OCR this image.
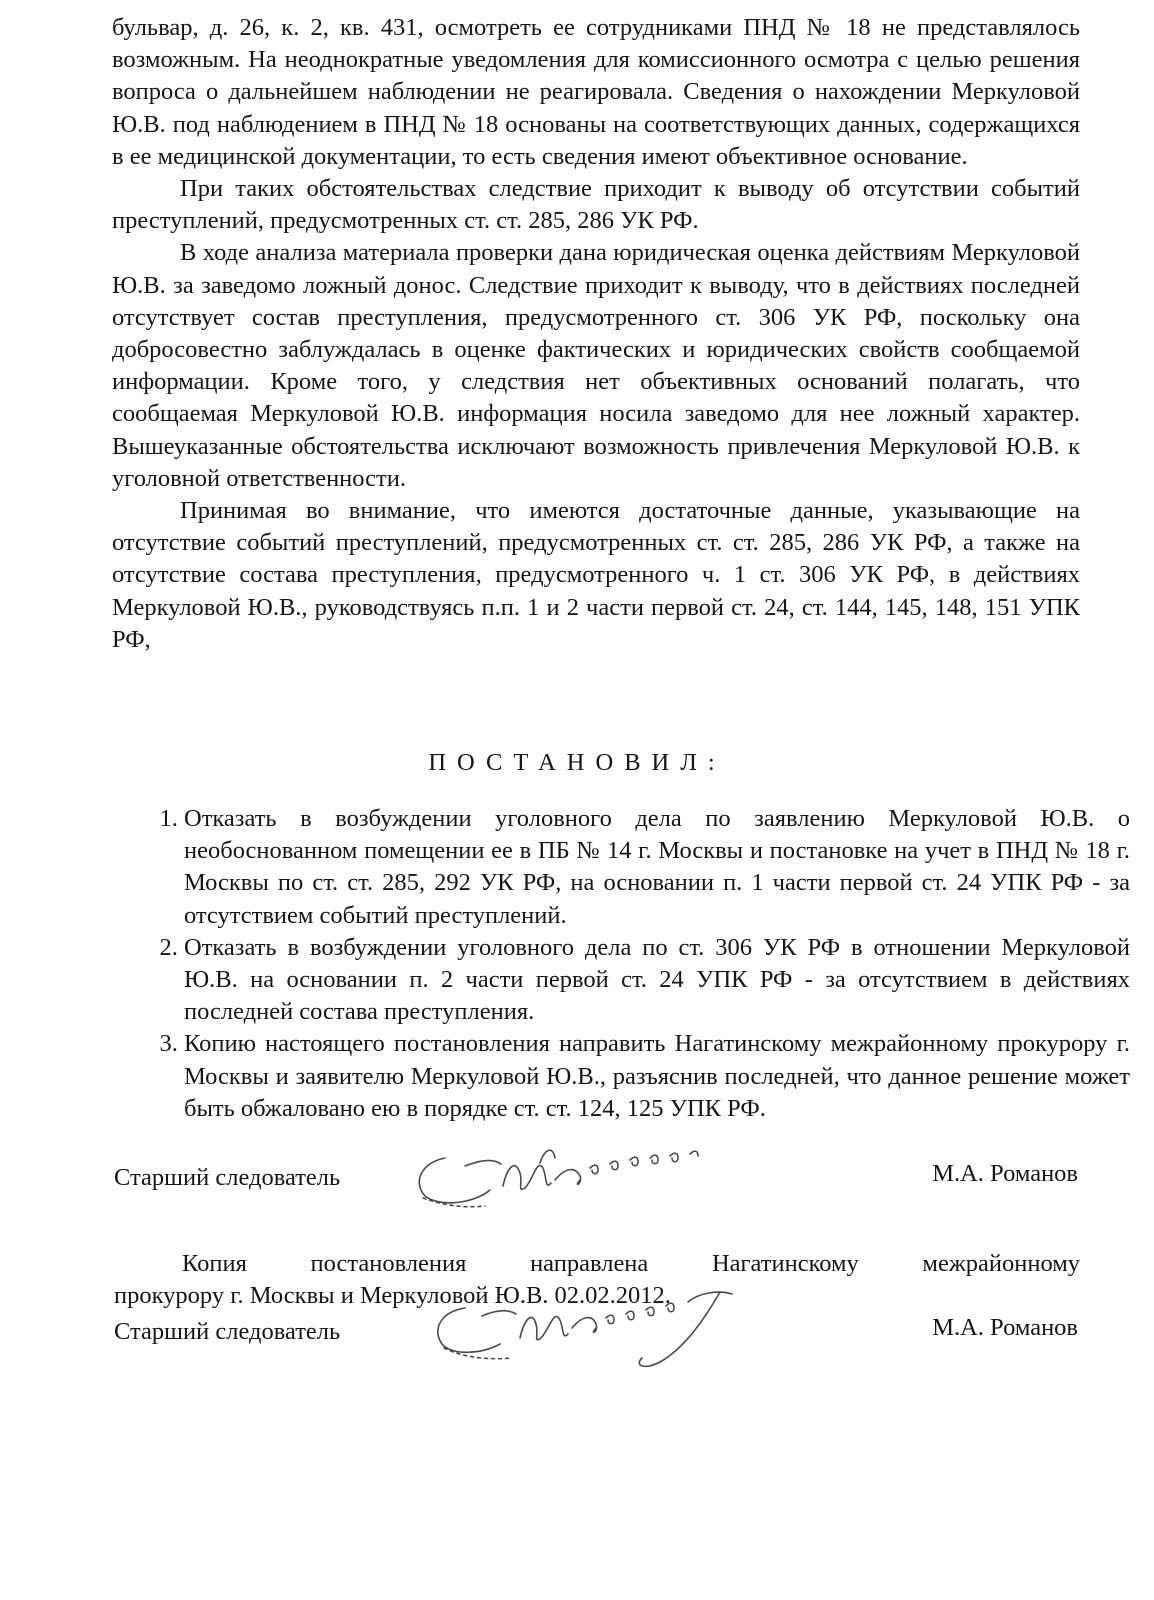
бульвар, д. 26, к. 2, кв. 431, осмотреть ее сотрудниками ПНД № 18 не представлялось возможным. На неоднократные уведомления для комиссионного осмотра с целью решения вопроса о дальнейшем наблюдении не реагировала. Сведения о нахождении Меркуловой Ю.В. под наблюдением в ПНД № 18 основаны на соответствующих данных, содержащихся в ее медицинской документации, то есть сведения имеют объективное основание.

При таких обстоятельствах следствие приходит к выводу об отсутствии событий преступлений, предусмотренных ст. ст. 285, 286 УК РФ.

В ходе анализа материала проверки дана юридическая оценка действиям Меркуловой Ю.В. за заведомо ложный донос. Следствие приходит к выводу, что в действиях последней отсутствует состав преступления, предусмотренного ст. 306 УК РФ, поскольку она добросовестно заблуждалась в оценке фактических и юридических свойств сообщаемой информации. Кроме того, у следствия нет объективных оснований полагать, что сообщаемая Меркуловой Ю.В. информация носила заведомо для нее ложный характер. Вышеуказанные обстоятельства исключают возможность привлечения Меркуловой Ю.В. к уголовной ответственности.

Принимая во внимание, что имеются достаточные данные, указывающие на отсутствие событий преступлений, предусмотренных ст. ст. 285, 286 УК РФ, а также на отсутствие состава преступления, предусмотренного ч. 1 ст. 306 УК РФ, в действиях Меркуловой Ю.В., руководствуясь п.п. 1 и 2 части первой ст. 24, ст. 144, 145, 148, 151 УПК РФ,

ПОСТАНОВИЛ:
1. Отказать в возбуждении уголовного дела по заявлению Меркуловой Ю.В. о необоснованном помещении ее в ПБ № 14 г. Москвы и постановке на учет в ПНД № 18 г. Москвы по ст. ст. 285, 292 УК РФ, на основании п. 1 части первой ст. 24 УПК РФ - за отсутствием событий преступлений.
2. Отказать в возбуждении уголовного дела по ст. 306 УК РФ в отношении Меркуловой Ю.В. на основании п. 2 части первой ст. 24 УПК РФ - за отсутствием в действиях последней состава преступления.
3. Копию настоящего постановления направить Нагатинскому межрайонному прокурору г. Москвы и заявителю Меркуловой Ю.В., разъяснив последней, что данное решение может быть обжаловано ею в порядке ст. ст. 124, 125 УПК РФ.
Старший следователь	М.А. Романов

Копия постановления направлена Нагатинскому межрайонному

прокурору г. Москвы и Меркуловой Ю.В. 02.02.2012.

Старший следователь	М.А. Романов
